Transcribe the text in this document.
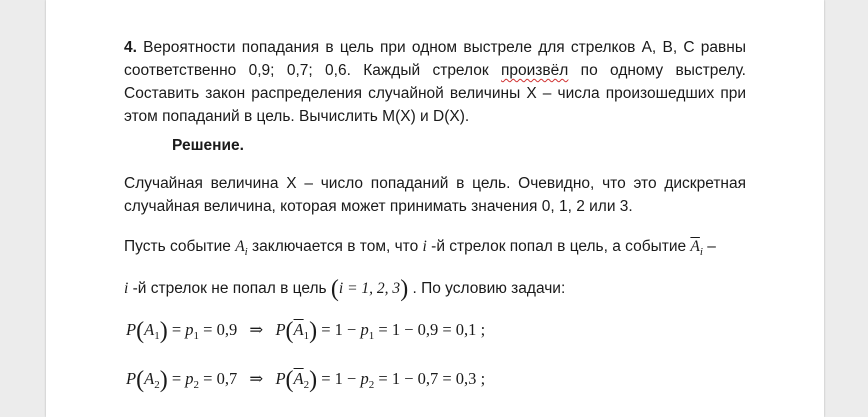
4. Вероятности попадания в цель при одном выстреле для стрелков А, В, С равны соответственно 0,9; 0,7; 0,6. Каждый стрелок произвёл по одному выстрелу. Составить закон распределения случайной величины X – числа произошедших при этом попаданий в цель. Вычислить M(X) и D(X).
Решение.
Случайная величина X – число попаданий в цель. Очевидно, что это дискретная случайная величина, которая может принимать значения 0, 1, 2 или 3.
Пусть событие $A_i$ заключается в том, что i -й стрелок попал в цель, а событие $\overline{A}_i$ –
i -й стрелок не попал в цель (i = 1, 2, 3) . По условию задачи:
$P(A_1) = p_1 = 0,9$ ⇒ $P(\overline{A}_1) = 1 - p_1 = 1 - 0,9 = 0,1$ ;
$P(A_2) = p_2 = 0,7$ ⇒ $P(\overline{A}_2) = 1 - p_2 = 1 - 0,7 = 0,3$ ;
